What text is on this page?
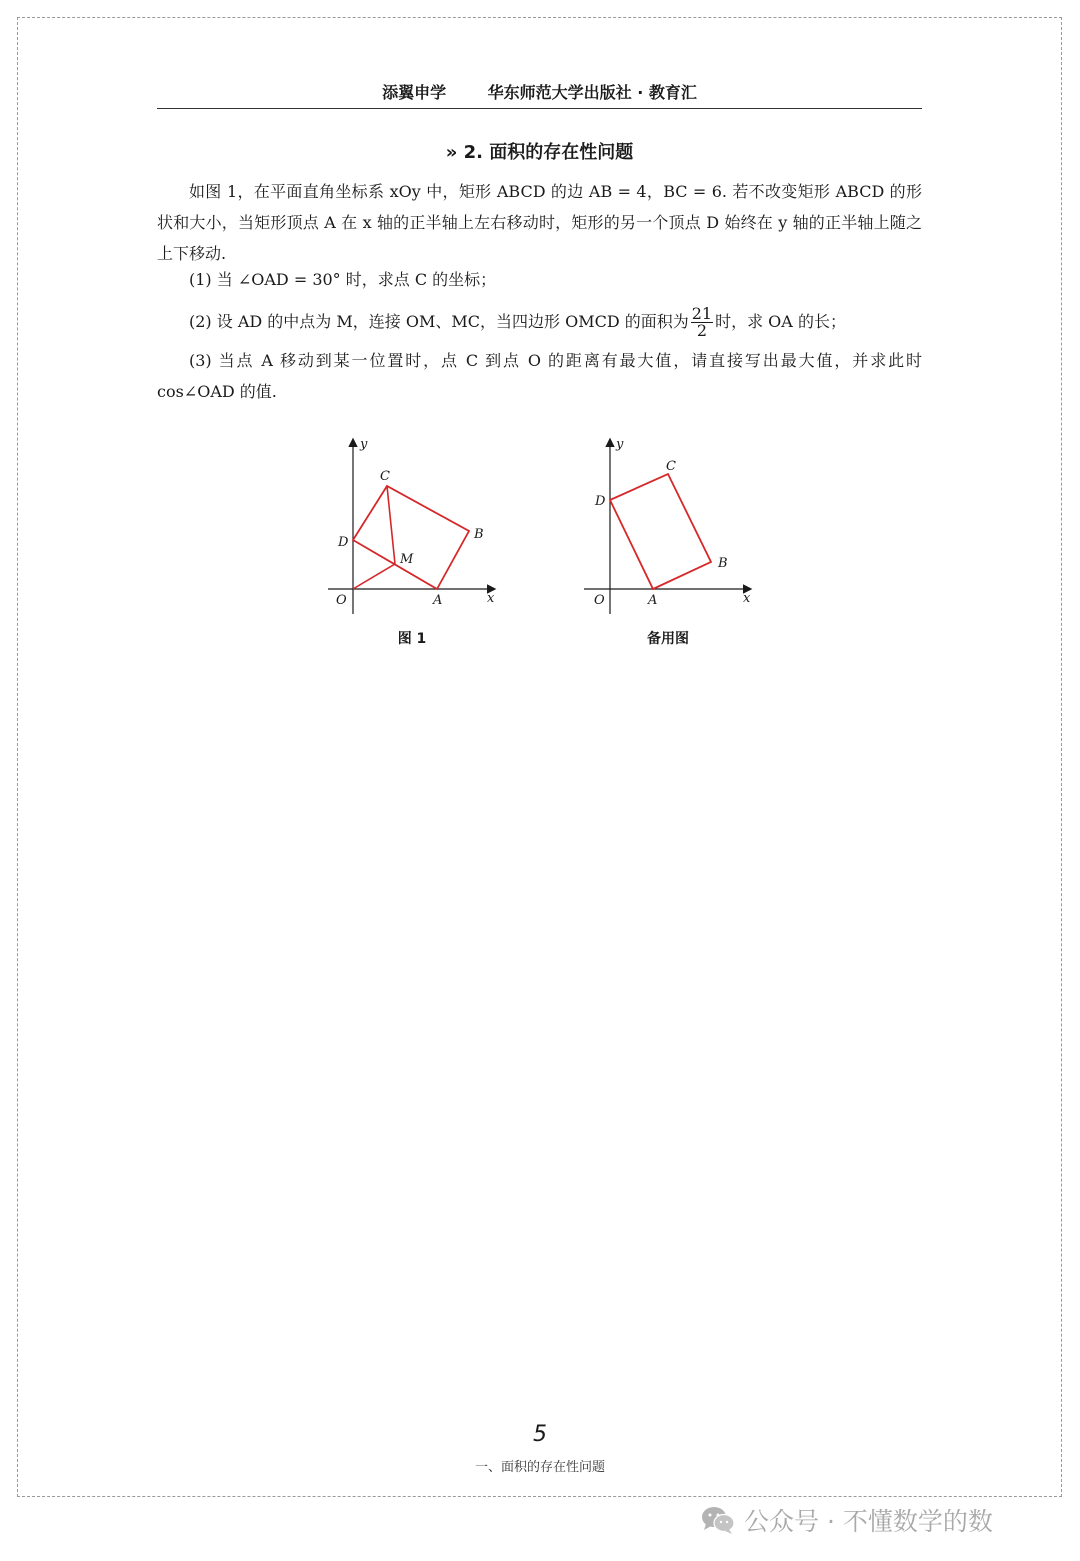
添翼申学	华东师范大学出版社 · 教育汇
» 2. 面积的存在性问题

如图 1，在平面直角坐标系 xOy 中，矩形 ABCD 的边 AB = 4，BC = 6. 若不改变矩形 ABCD 的形状和大小，当矩形顶点 A 在 x 轴的正半轴上左右移动时，矩形的另一个顶点 D 始终在 y 轴的正半轴上随之上下移动.

(1) 当 ∠OAD = 30° 时，求点 C 的坐标；

(2) 设 AD 的中点为 M，连接 OM、MC，当四边形 OMCD 的面积为 $\frac{21}{2}$ 时，求 OA 的长；

(3) 当点 A 移动到某一位置时，点 C 到点 O 的距离有最大值，请直接写出最大值，并求此时 cos∠OAD 的值.

y
x
O	A
B
C
D
M
图 1
y
x
O	A
B
C
D
备用图
5
一、面积的存在性问题
公众号 · 不懂数学的数
